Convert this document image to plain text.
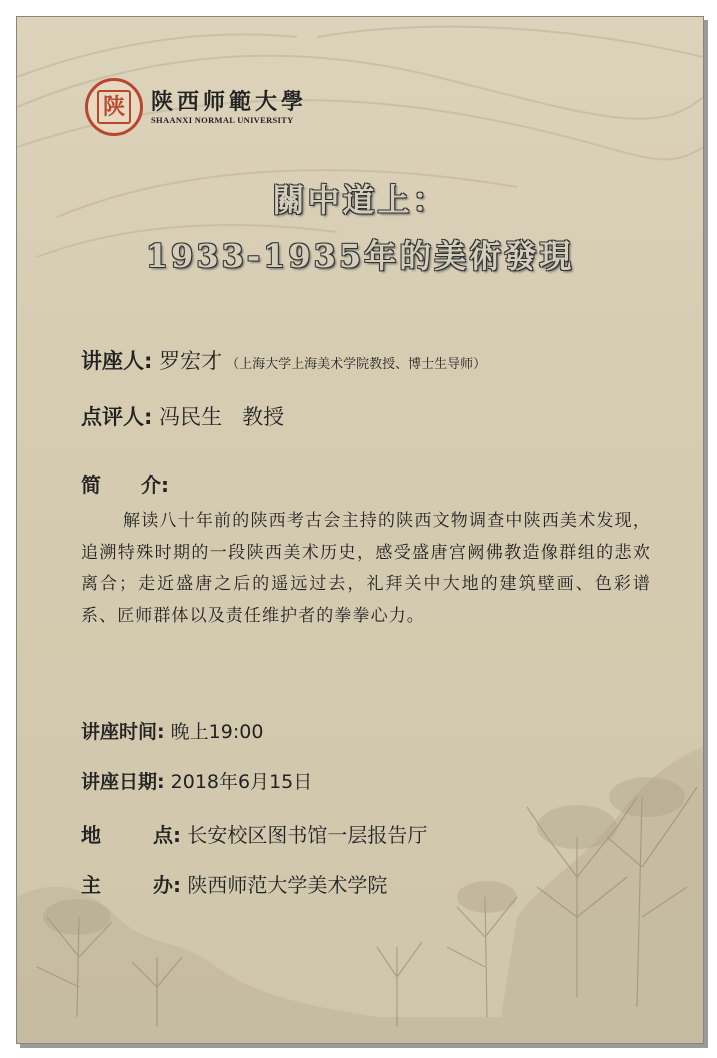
陕 陕西师範大學
SHAANXI NORMAL UNIVERSITY
關中道上：
1933-1935年的美術發現
讲座人: 罗宏才 （上海大学上海美术学院教授、博士生导师）
点评人: 冯民生   教授
简 介:
解读八十年前的陕西考古会主持的陕西文物调查中陕西美术发现，追溯特殊时期的一段陕西美术历史，感受盛唐宫阙佛教造像群组的悲欢离合；走近盛唐之后的遥远过去，礼拜关中大地的建筑壁画、色彩谱系、匠师群体以及责任维护者的拳拳心力。
讲座时间: 晚上19:00
讲座日期: 2018年6月15日
地	点: 长安校区图书馆一层报告厅
主	办: 陕西师范大学美术学院
